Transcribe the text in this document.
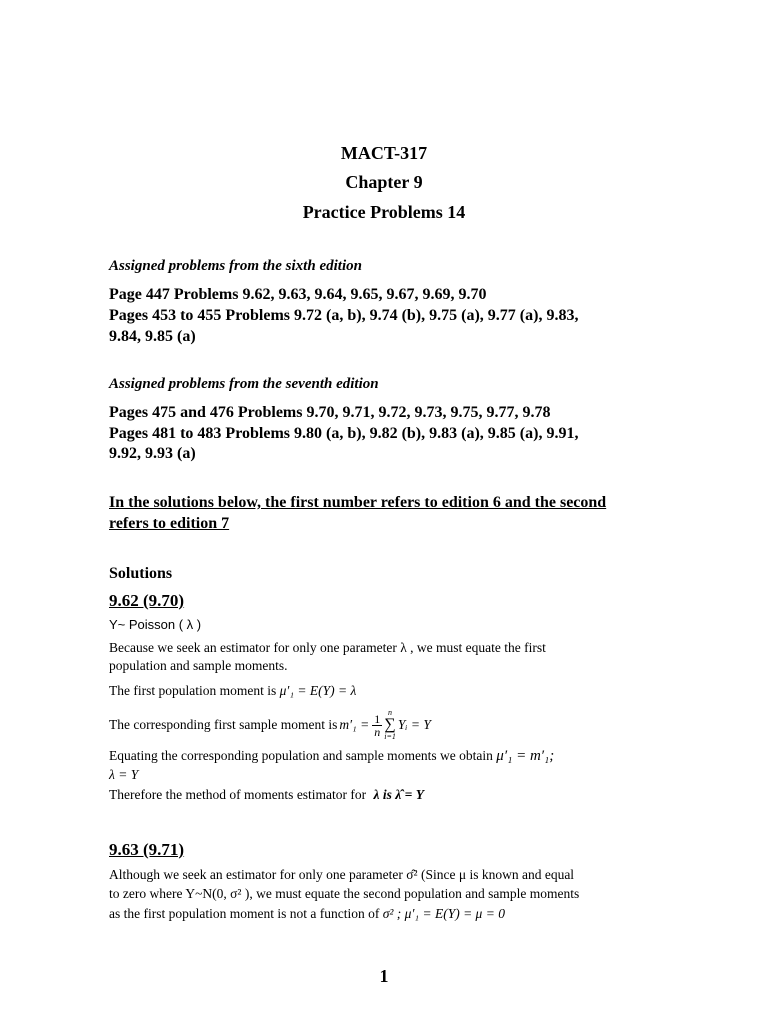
MACT-317
Chapter 9
Practice Problems 14
Assigned problems from the sixth edition
Page 447 Problems 9.62, 9.63, 9.64, 9.65, 9.67, 9.69, 9.70
Pages 453 to 455 Problems 9.72 (a, b), 9.74 (b), 9.75 (a), 9.77 (a), 9.83,
9.84, 9.85 (a)
Assigned problems from the seventh edition
Pages 475 and 476 Problems 9.70, 9.71, 9.72, 9.73, 9.75, 9.77, 9.78
Pages 481 to 483 Problems 9.80 (a, b), 9.82 (b), 9.83 (a), 9.85 (a), 9.91,
9.92, 9.93 (a)
In the solutions below, the first number refers to edition 6 and the second
refers to edition 7
Solutions
9.62 (9.70)
Y~ Poisson ( λ )
Because we seek an estimator for only one parameter λ , we must equate the first
population and sample moments.
The first population moment is μ′₁ = E(Y) = λ
The corresponding first sample moment is $m'_1 = \frac{1}{n}$ n
∑
i=1
Yᵢ = Y
Equating the corresponding population and sample moments we obtain μ′₁ = m′₁;
λ = Y
Therefore the method of moments estimator for λ is λ̂ = Y
9.63 (9.71)
Although we seek an estimator for only one parameter σ̂² (Since μ is known and equal
to zero where Y~N(0, σ² ), we must equate the second population and sample moments
as the first population moment is not a function of σ² ; μ′₁ = E(Y) = μ = 0
1
